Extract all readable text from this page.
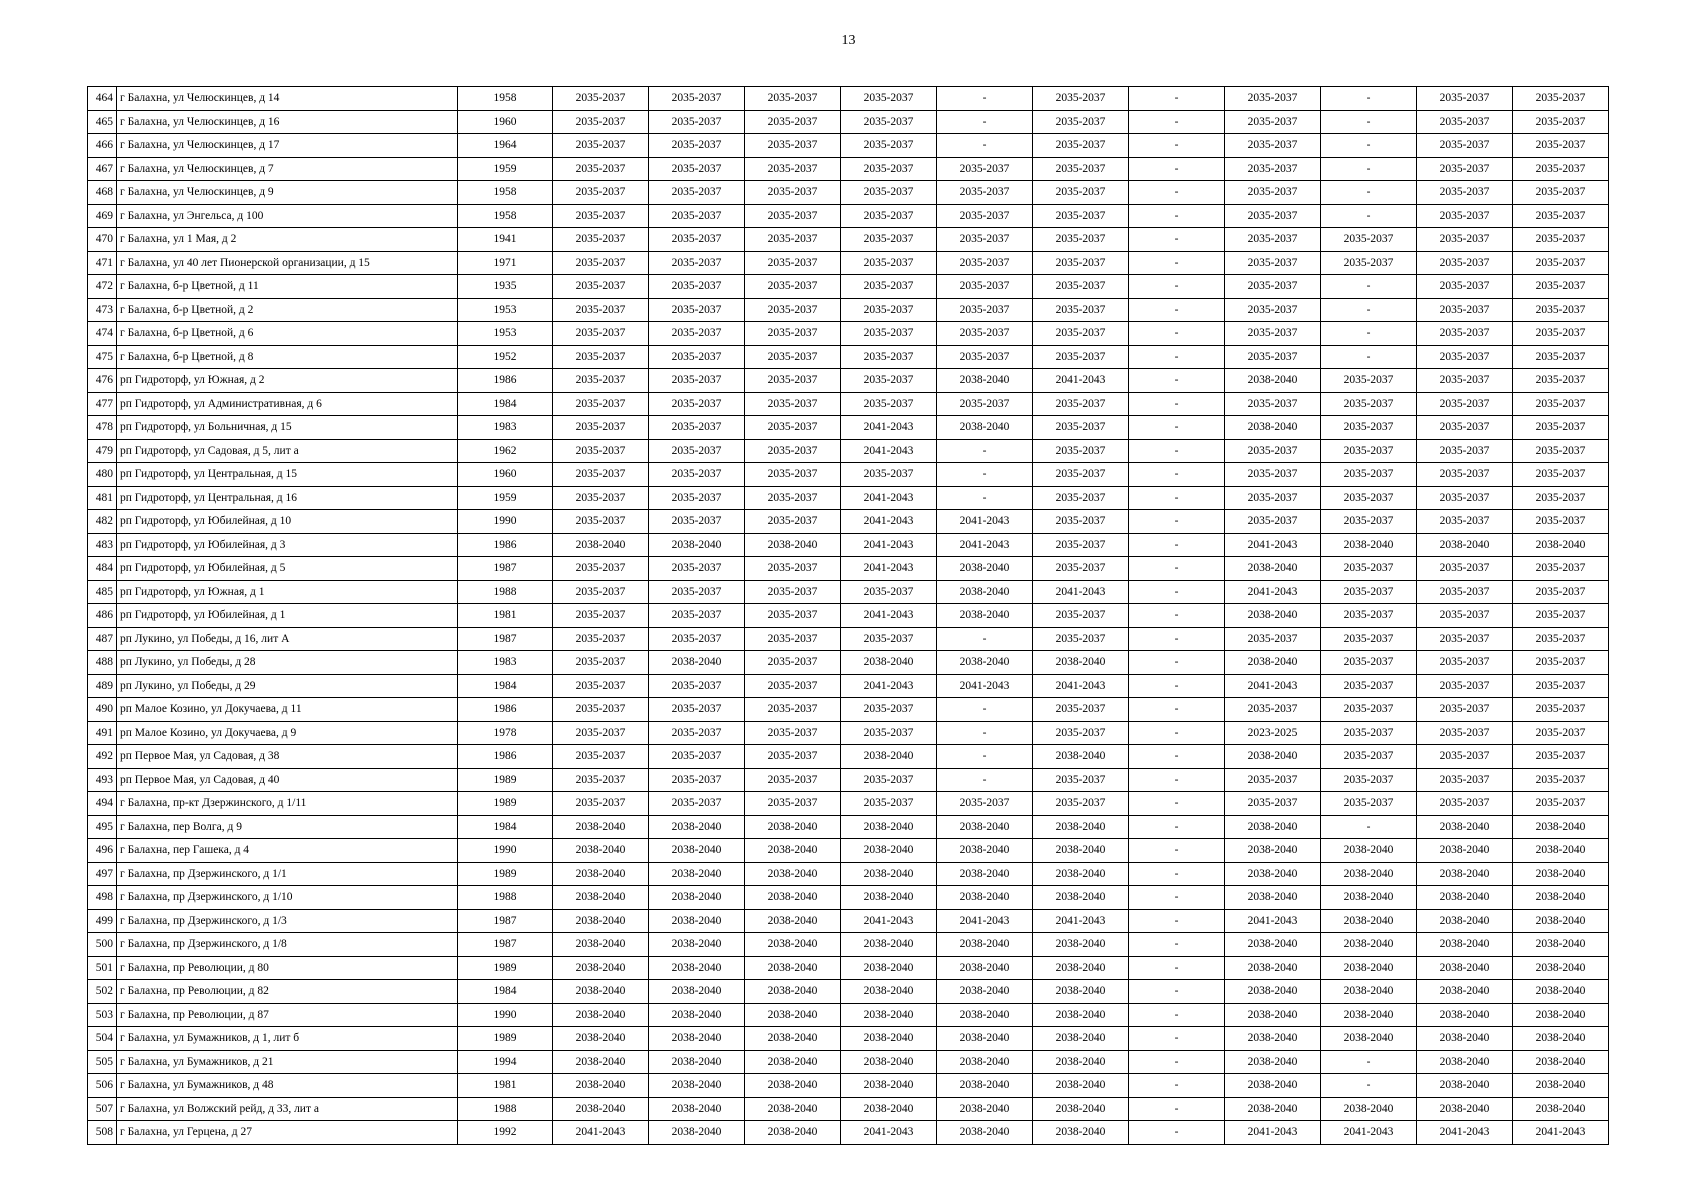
13
464	г Балахна, ул Челюскинцев, д 14	1958	2035-2037	2035-2037	2035-2037	2035-2037	-	2035-2037	-	2035-2037	-	2035-2037	2035-2037
465	г Балахна, ул Челюскинцев, д 16	1960	2035-2037	2035-2037	2035-2037	2035-2037	-	2035-2037	-	2035-2037	-	2035-2037	2035-2037
466	г Балахна, ул Челюскинцев, д 17	1964	2035-2037	2035-2037	2035-2037	2035-2037	-	2035-2037	-	2035-2037	-	2035-2037	2035-2037
467	г Балахна, ул Челюскинцев, д 7	1959	2035-2037	2035-2037	2035-2037	2035-2037	2035-2037	2035-2037	-	2035-2037	-	2035-2037	2035-2037
468	г Балахна, ул Челюскинцев, д 9	1958	2035-2037	2035-2037	2035-2037	2035-2037	2035-2037	2035-2037	-	2035-2037	-	2035-2037	2035-2037
469	г Балахна, ул Энгельса, д 100	1958	2035-2037	2035-2037	2035-2037	2035-2037	2035-2037	2035-2037	-	2035-2037	-	2035-2037	2035-2037
470	г Балахна, ул 1 Мая, д 2	1941	2035-2037	2035-2037	2035-2037	2035-2037	2035-2037	2035-2037	-	2035-2037	2035-2037	2035-2037	2035-2037
471	г Балахна, ул 40 лет Пионерской организации, д 15	1971	2035-2037	2035-2037	2035-2037	2035-2037	2035-2037	2035-2037	-	2035-2037	2035-2037	2035-2037	2035-2037
472	г Балахна, б-р Цветной, д 11	1935	2035-2037	2035-2037	2035-2037	2035-2037	2035-2037	2035-2037	-	2035-2037	-	2035-2037	2035-2037
473	г Балахна, б-р Цветной, д 2	1953	2035-2037	2035-2037	2035-2037	2035-2037	2035-2037	2035-2037	-	2035-2037	-	2035-2037	2035-2037
474	г Балахна, б-р Цветной, д 6	1953	2035-2037	2035-2037	2035-2037	2035-2037	2035-2037	2035-2037	-	2035-2037	-	2035-2037	2035-2037
475	г Балахна, б-р Цветной, д 8	1952	2035-2037	2035-2037	2035-2037	2035-2037	2035-2037	2035-2037	-	2035-2037	-	2035-2037	2035-2037
476	рп Гидроторф, ул Южная, д 2	1986	2035-2037	2035-2037	2035-2037	2035-2037	2038-2040	2041-2043	-	2038-2040	2035-2037	2035-2037	2035-2037
477	рп Гидроторф, ул Административная, д 6	1984	2035-2037	2035-2037	2035-2037	2035-2037	2035-2037	2035-2037	-	2035-2037	2035-2037	2035-2037	2035-2037
478	рп Гидроторф, ул Больничная, д 15	1983	2035-2037	2035-2037	2035-2037	2041-2043	2038-2040	2035-2037	-	2038-2040	2035-2037	2035-2037	2035-2037
479	рп Гидроторф, ул Садовая, д 5, лит а	1962	2035-2037	2035-2037	2035-2037	2041-2043	-	2035-2037	-	2035-2037	2035-2037	2035-2037	2035-2037
480	рп Гидроторф, ул Центральная, д 15	1960	2035-2037	2035-2037	2035-2037	2035-2037	-	2035-2037	-	2035-2037	2035-2037	2035-2037	2035-2037
481	рп Гидроторф, ул Центральная, д 16	1959	2035-2037	2035-2037	2035-2037	2041-2043	-	2035-2037	-	2035-2037	2035-2037	2035-2037	2035-2037
482	рп Гидроторф, ул Юбилейная, д 10	1990	2035-2037	2035-2037	2035-2037	2041-2043	2041-2043	2035-2037	-	2035-2037	2035-2037	2035-2037	2035-2037
483	рп Гидроторф, ул Юбилейная, д 3	1986	2038-2040	2038-2040	2038-2040	2041-2043	2041-2043	2035-2037	-	2041-2043	2038-2040	2038-2040	2038-2040
484	рп Гидроторф, ул Юбилейная, д 5	1987	2035-2037	2035-2037	2035-2037	2041-2043	2038-2040	2035-2037	-	2038-2040	2035-2037	2035-2037	2035-2037
485	рп Гидроторф, ул Южная, д 1	1988	2035-2037	2035-2037	2035-2037	2035-2037	2038-2040	2041-2043	-	2041-2043	2035-2037	2035-2037	2035-2037
486	рп Гидроторф, ул Юбилейная, д 1	1981	2035-2037	2035-2037	2035-2037	2041-2043	2038-2040	2035-2037	-	2038-2040	2035-2037	2035-2037	2035-2037
487	рп Лукино, ул Победы, д 16, лит А	1987	2035-2037	2035-2037	2035-2037	2035-2037	-	2035-2037	-	2035-2037	2035-2037	2035-2037	2035-2037
488	рп Лукино, ул Победы, д 28	1983	2035-2037	2038-2040	2035-2037	2038-2040	2038-2040	2038-2040	-	2038-2040	2035-2037	2035-2037	2035-2037
489	рп Лукино, ул Победы, д 29	1984	2035-2037	2035-2037	2035-2037	2041-2043	2041-2043	2041-2043	-	2041-2043	2035-2037	2035-2037	2035-2037
490	рп Малое Козино, ул Докучаева, д 11	1986	2035-2037	2035-2037	2035-2037	2035-2037	-	2035-2037	-	2035-2037	2035-2037	2035-2037	2035-2037
491	рп Малое Козино, ул Докучаева, д 9	1978	2035-2037	2035-2037	2035-2037	2035-2037	-	2035-2037	-	2023-2025	2035-2037	2035-2037	2035-2037
492	рп Первое Мая, ул Садовая, д 38	1986	2035-2037	2035-2037	2035-2037	2038-2040	-	2038-2040	-	2038-2040	2035-2037	2035-2037	2035-2037
493	рп Первое Мая, ул Садовая, д 40	1989	2035-2037	2035-2037	2035-2037	2035-2037	-	2035-2037	-	2035-2037	2035-2037	2035-2037	2035-2037
494	г Балахна, пр-кт Дзержинского, д 1/11	1989	2035-2037	2035-2037	2035-2037	2035-2037	2035-2037	2035-2037	-	2035-2037	2035-2037	2035-2037	2035-2037
495	г Балахна, пер Волга, д 9	1984	2038-2040	2038-2040	2038-2040	2038-2040	2038-2040	2038-2040	-	2038-2040	-	2038-2040	2038-2040
496	г Балахна, пер Гашека, д 4	1990	2038-2040	2038-2040	2038-2040	2038-2040	2038-2040	2038-2040	-	2038-2040	2038-2040	2038-2040	2038-2040
497	г Балахна, пр Дзержинского, д 1/1	1989	2038-2040	2038-2040	2038-2040	2038-2040	2038-2040	2038-2040	-	2038-2040	2038-2040	2038-2040	2038-2040
498	г Балахна, пр Дзержинского, д 1/10	1988	2038-2040	2038-2040	2038-2040	2038-2040	2038-2040	2038-2040	-	2038-2040	2038-2040	2038-2040	2038-2040
499	г Балахна, пр Дзержинского, д 1/3	1987	2038-2040	2038-2040	2038-2040	2041-2043	2041-2043	2041-2043	-	2041-2043	2038-2040	2038-2040	2038-2040
500	г Балахна, пр Дзержинского, д 1/8	1987	2038-2040	2038-2040	2038-2040	2038-2040	2038-2040	2038-2040	-	2038-2040	2038-2040	2038-2040	2038-2040
501	г Балахна, пр Революции, д 80	1989	2038-2040	2038-2040	2038-2040	2038-2040	2038-2040	2038-2040	-	2038-2040	2038-2040	2038-2040	2038-2040
502	г Балахна, пр Революции, д 82	1984	2038-2040	2038-2040	2038-2040	2038-2040	2038-2040	2038-2040	-	2038-2040	2038-2040	2038-2040	2038-2040
503	г Балахна, пр Революции, д 87	1990	2038-2040	2038-2040	2038-2040	2038-2040	2038-2040	2038-2040	-	2038-2040	2038-2040	2038-2040	2038-2040
504	г Балахна, ул Бумажников, д 1, лит б	1989	2038-2040	2038-2040	2038-2040	2038-2040	2038-2040	2038-2040	-	2038-2040	2038-2040	2038-2040	2038-2040
505	г Балахна, ул Бумажников, д 21	1994	2038-2040	2038-2040	2038-2040	2038-2040	2038-2040	2038-2040	-	2038-2040	-	2038-2040	2038-2040
506	г Балахна, ул Бумажников, д 48	1981	2038-2040	2038-2040	2038-2040	2038-2040	2038-2040	2038-2040	-	2038-2040	-	2038-2040	2038-2040
507	г Балахна, ул Волжский рейд, д 33, лит а	1988	2038-2040	2038-2040	2038-2040	2038-2040	2038-2040	2038-2040	-	2038-2040	2038-2040	2038-2040	2038-2040
508	г Балахна, ул Герцена, д 27	1992	2041-2043	2038-2040	2038-2040	2041-2043	2038-2040	2038-2040	-	2041-2043	2041-2043	2041-2043	2041-2043
